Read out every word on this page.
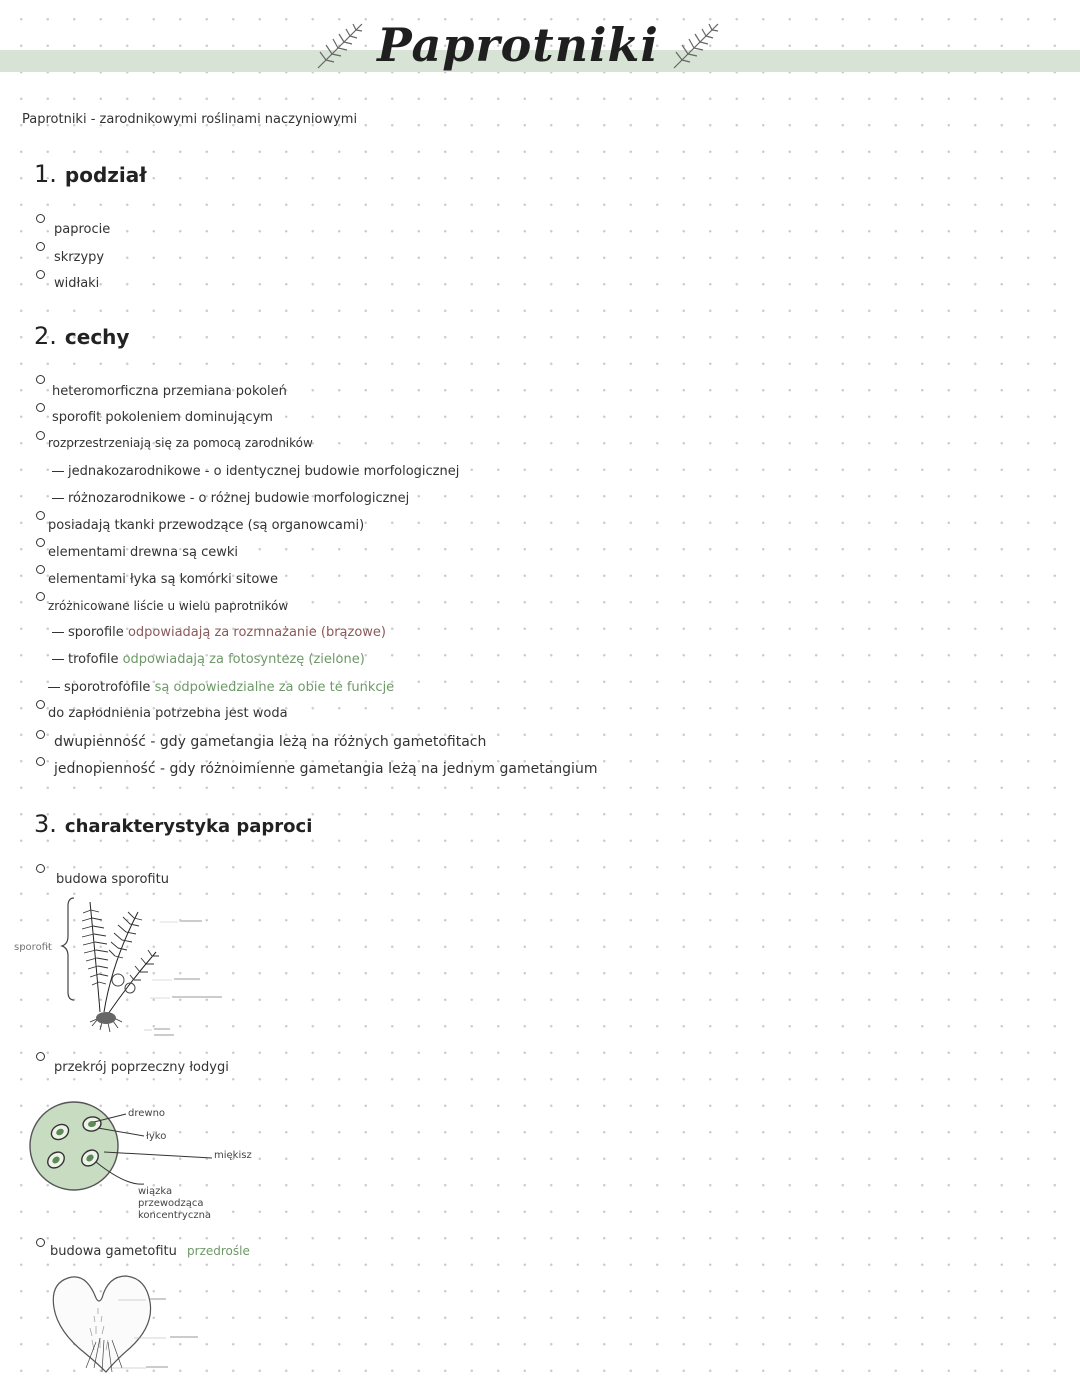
Paprotniki
Paprotniki - zarodnikowymi roślinami naczyniowymi
1. podział
paprocie
skrzypy
widłaki
2. cechy
heteromorficzna przemiana pokoleń
sporofit pokoleniem dominującym
rozprzestrzeniają się za pomocą zarodników
jednakozarodnikowe - o identycznej budowie morfologicznej
różnozarodnikowe - o różnej budowie morfologicznej
posiadają tkanki przewodzące (są organowcami)
elementami drewna są cewki
elementami łyka są komórki sitowe
zróżnicowane liście u wielu paprotników
sporofile odpowiadają za rozmnażanie (brązowe)
trofofile odpowiadają za fotosyntezę (zielone)
sporotrofofile są odpowiedzialne za obie te funkcje
do zapłodnienia potrzebna jest woda
dwupienność - gdy gametangia leżą na różnych gametofitach
jednopienność - gdy różnoimienne gametangia leżą na jednym gametangium
3. charakterystyka paproci
budowa sporofitu
sporofit
przekrój poprzeczny łodygi
drewno
łyko
miękisz
wiązka przewodząca koncentryczna
budowa gametofitu przedrośle
